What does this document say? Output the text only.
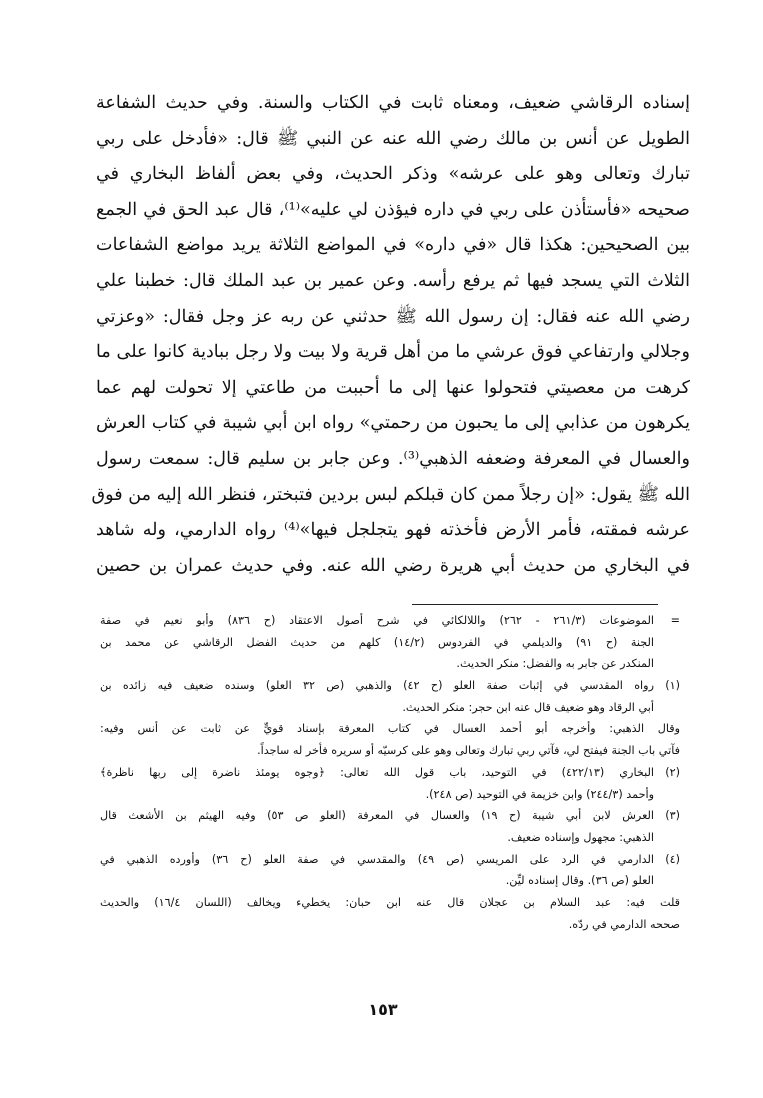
إسناده الرقاشي ضعيف، ومعناه ثابت في الكتاب والسنة. وفي حديث الشفاعة
الطويل عن أنس بن مالك رضي الله عنه عن النبي ﷺ قال: «فأدخل على ربي
تبارك وتعالى وهو على عرشه» وذكر الحديث، وفي بعض ألفاظ البخاري في
صحيحه «فأستأذن على ربي في داره فيؤذن لي عليه»⁽¹⁾، قال عبد الحق في الجمع
بين الصحيحين: هكذا قال «في داره» في المواضع الثلاثة يريد مواضع الشفاعات
الثلاث التي يسجد فيها ثم يرفع رأسه. وعن عمير بن عبد الملك قال: خطبنا علي
رضي الله عنه فقال: إن رسول الله ﷺ حدثني عن ربه عز وجل فقال: «وعزتي
وجلالي وارتفاعي فوق عرشي ما من أهل قرية ولا بيت ولا رجل ببادية كانوا على ما
كرهت من معصيتي فتحولوا عنها إلى ما أحببت من طاعتي إلا تحولت لهم عما
يكرهون من عذابي إلى ما يحبون من رحمتي» رواه ابن أبي شيبة في كتاب العرش
والعسال في المعرفة وضعفه الذهبي⁽³⁾. وعن جابر بن سليم قال: سمعت رسول
الله ﷺ يقول: «إن رجلاً ممن كان قبلكم لبس بردين فتبختر، فنظر الله إليه من فوق
عرشه فمقته، فأمر الأرض فأخذته فهو يتجلجل فيها»⁽⁴⁾ رواه الدارمي، وله شاهد
في البخاري من حديث أبي هريرة رضي الله عنه. وفي حديث عمران بن حصين
=
الموضوعات (٢٦١/٣ - ٢٦٢) واللالكائي في شرح أصول الاعتقاد (ح ٨٣٦) وأبو نعيم في صفة
الجنة (ح ٩١) والديلمي في الفردوس (١٤/٢) كلهم من حديث الفضل الرقاشي عن محمد بن
المنكدر عن جابر به والفضل: منكر الحديث.
(١)
رواه المقدسي في إثبات صفة العلو (ح ٤٢) والذهبي (ص ٣٢ العلو) وسنده ضعيف فيه زائده بن
أبي الرقاد وهو ضعيف قال عنه ابن حجر: منكر الحديث.
وقال الذهبي: وأخرجه أبو أحمد العسال في كتاب المعرفة بإسناد قويٍّ عن ثابت عن أنس وفيه:
فآتي باب الجنة فيفتح لي، فآتي ربي تبارك وتعالى وهو على كرسيّه أو سريره فأخر له ساجداً.
(٢)
البخاري (٤٢٢/١٣) في التوحيد، باب قول الله تعالى: ﴿وجوه يومئذ ناضرة إلى ربها ناظرة﴾
وأحمد (٢٤٤/٣) وابن خزيمة في التوحيد (ص ٢٤٨).
(٣)
العرش لابن أبي شيبة (ح ١٩) والعسال في المعرفة (العلو ص ٥٣) وفيه الهيثم بن الأشعث قال
الذهبي: مجهول وإسناده ضعيف.
(٤)
الدارمي في الرد على المريسي (ص ٤٩) والمقدسي في صفة العلو (ح ٣٦) وأورده الذهبي في
العلو (ص ٣٦). وقال إسناده ليِّن.
قلت فيه: عبد السلام بن عجلان قال عنه ابن حبان: يخطيء ويخالف (اللسان ١٦/٤) والحديث
صححه الدارمي في ردّه.
١٥٣
